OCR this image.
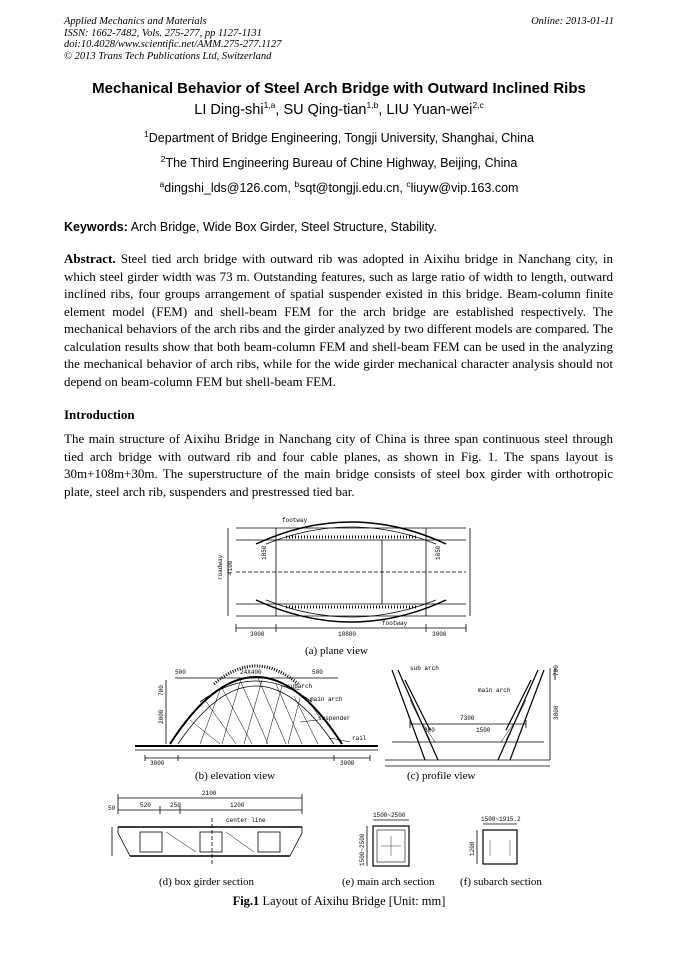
Applied Mechanics and Materials
ISSN: 1662-7482, Vols. 275-277, pp 1127-1131
doi:10.4028/www.scientific.net/AMM.275-277.1127
© 2013 Trans Tech Publications Ltd, Switzerland
Online: 2013-01-11
Mechanical Behavior of Steel Arch Bridge with Outward Inclined Ribs
LI Ding-shi$^{1,a}$, SU Qing-tian$^{1,b}$, LIU Yuan-wei$^{2,c}$
$^1$Department of Bridge Engineering, Tongji University, Shanghai, China
$^2$The Third Engineering Bureau of Chine Highway, Beijing, China
$^a$dingshi_lds@126.com, $^b$sqt@tongji.edu.cn, $^c$liuyw@vip.163.com
Keywords: Arch Bridge, Wide Box Girder, Steel Structure, Stability.
Abstract. Steel tied arch bridge with outward rib was adopted in Aixihu bridge in Nanchang city, in which steel girder width was 73 m. Outstanding features, such as large ratio of width to length, outward inclined ribs, four groups arrangement of spatial suspender existed in this bridge. Beam-column finite element model (FEM) and shell-beam FEM for the arch bridge are established respectively. The mechanical behaviors of the arch ribs and the girder analyzed by two different models are compared. The calculation results show that both beam-column FEM and shell-beam FEM can be used in the analyzing the mechanical behavior of arch ribs, while for the wide girder mechanical character analysis should not depend on beam-column FEM but shell-beam FEM.
Introduction
The main structure of Aixihu Bridge in Nanchang city of China is three span continuous steel through tied arch bridge with outward rib and four cable planes, as shown in Fig. 1. The spans layout is 30m+108m+30m. The superstructure of the main bridge consists of steel box girder with orthotropic plate, steel arch rib, suspenders and prestressed tied bar.
footway
footway
roadway 4100
1850	1650
3000	10800	3000
subarch
main arch
suspender
rail
500	24X400	500
700
2000
3000	3000
sub arch
main arch
7300	3800
700
300	1500
2100
520	250	1200
50
center line
1500~2500
1500~2500
1500~1915.2
1200
(a) plane view
(b) elevation view	(c) profile view
(d) box girder section	(e) main arch section (f) subarch section
Fig.1 Layout of Aixihu Bridge [Unit: mm]
